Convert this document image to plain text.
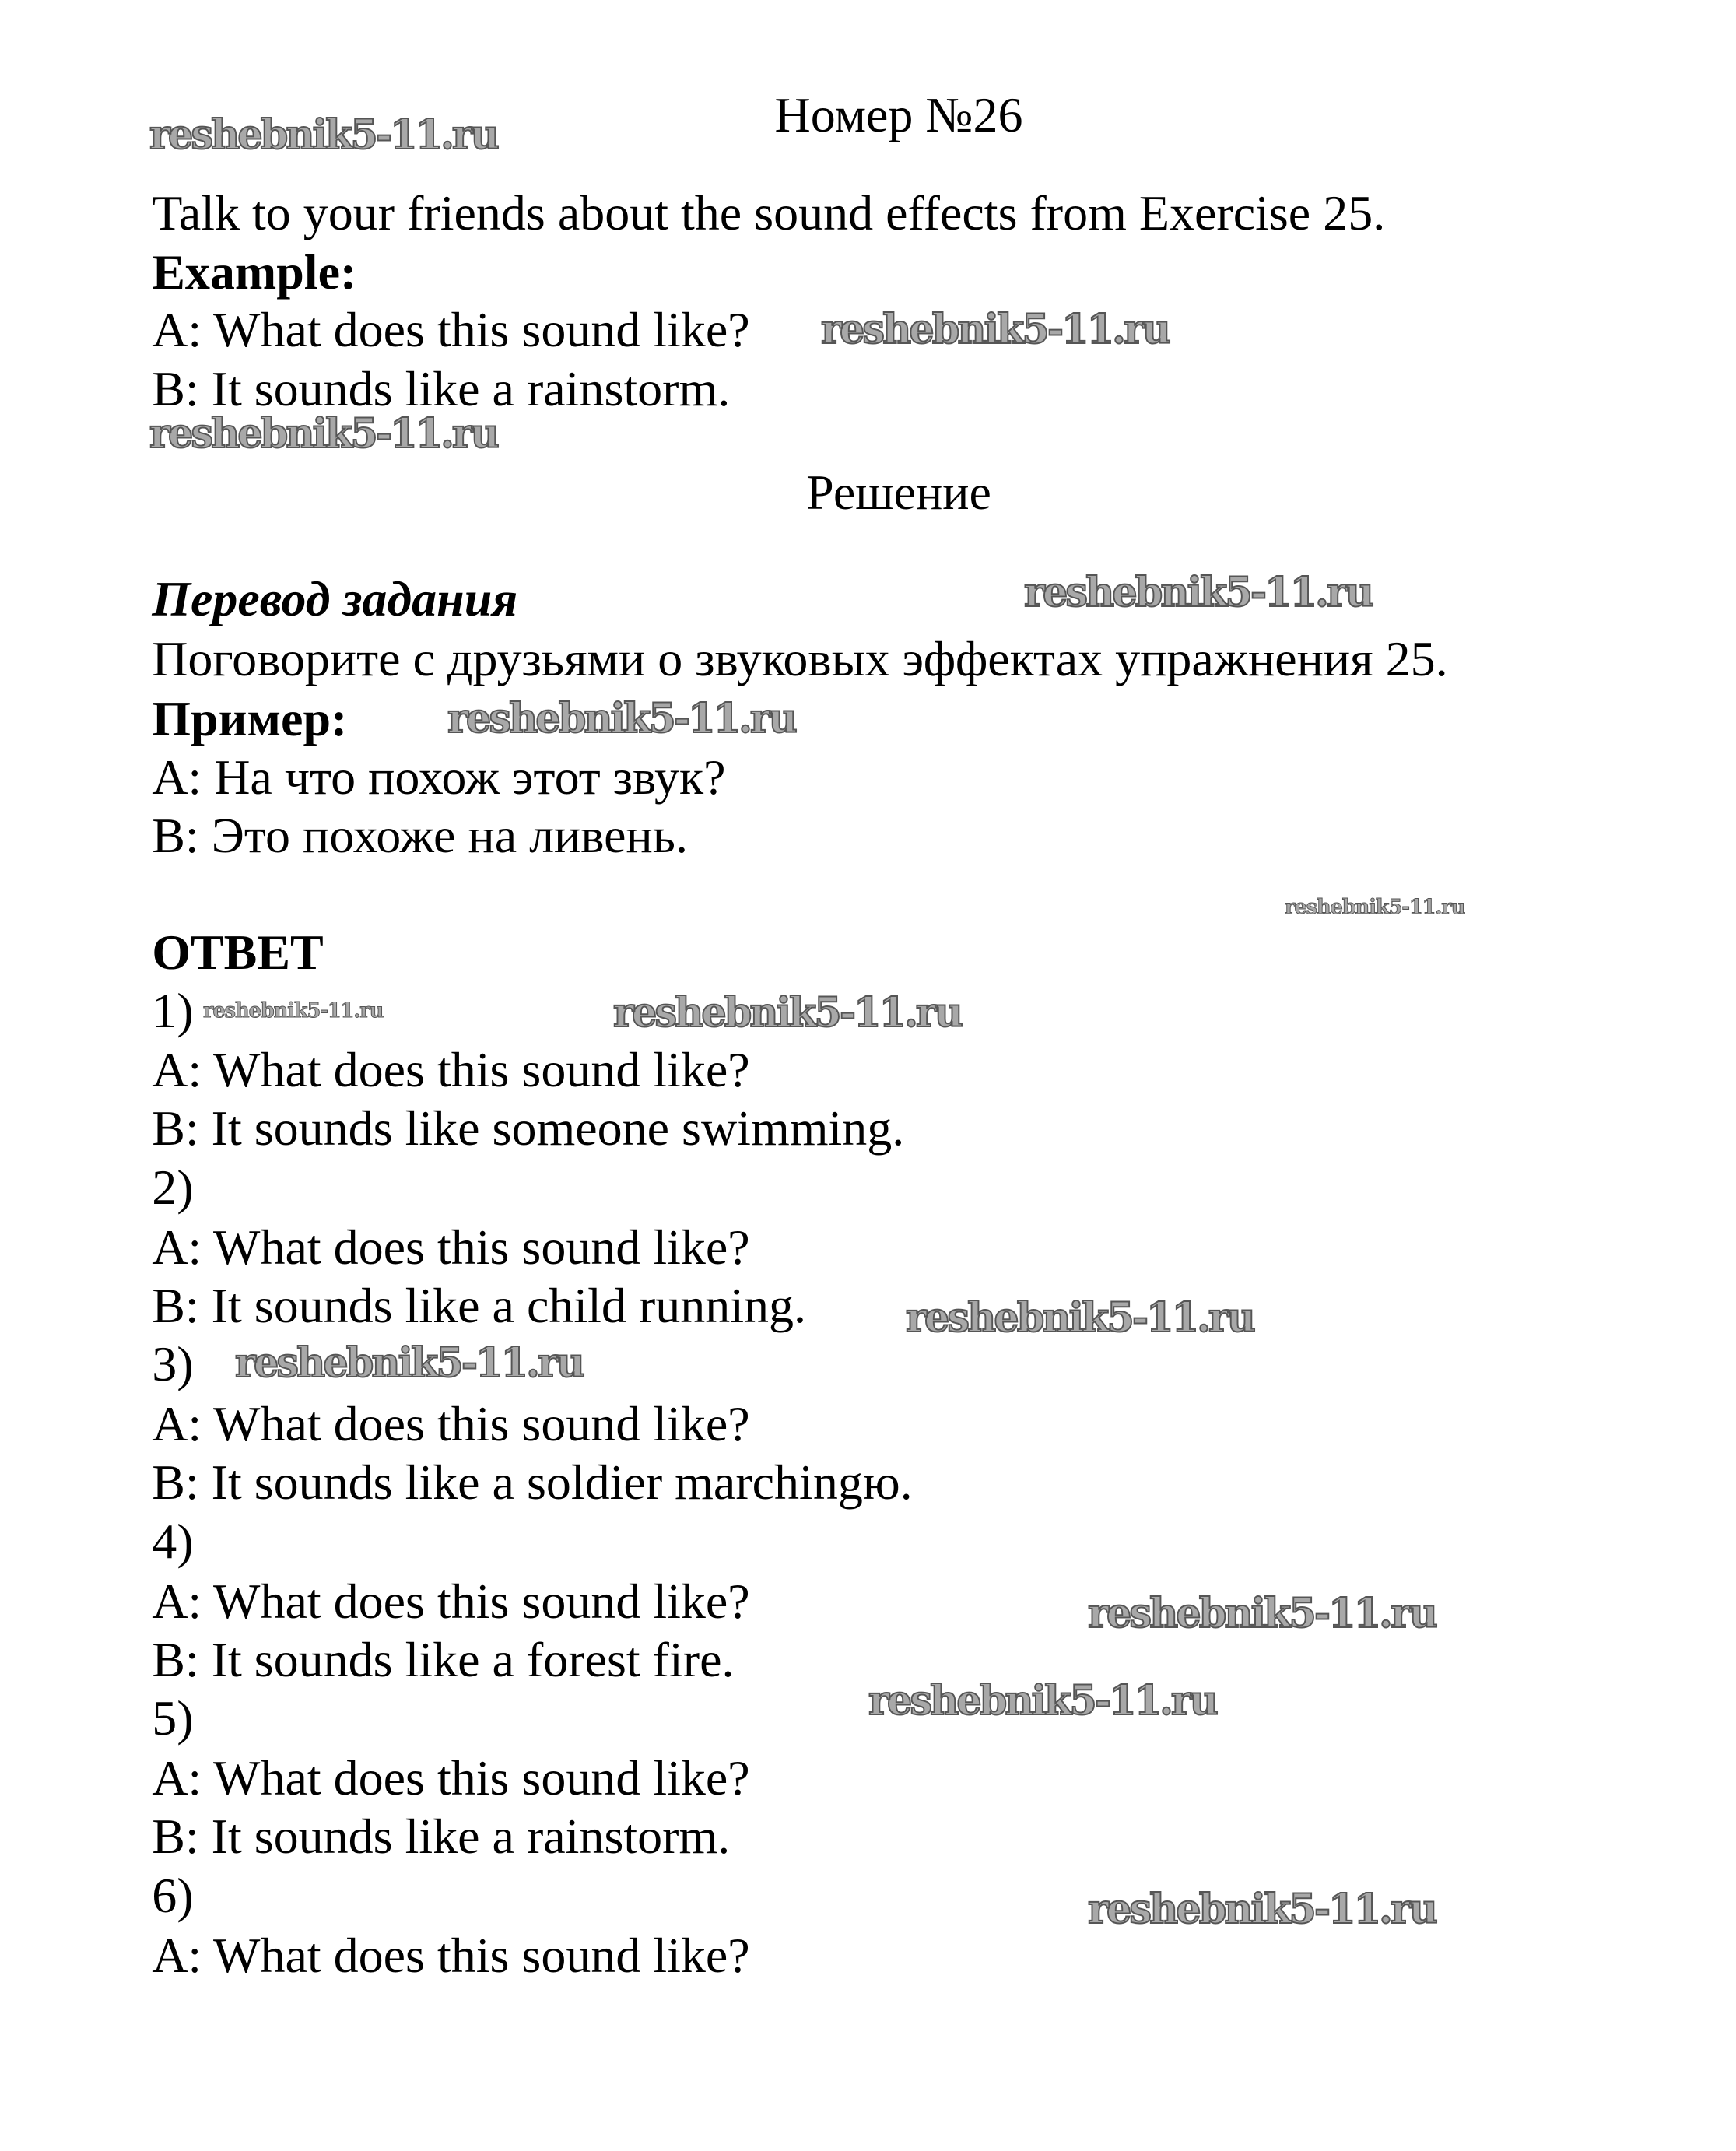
Номер №26
Talk to your friends about the sound effects from Exercise 25.
Example:
A: What does this sound like?
B: It sounds like a rainstorm.
Решение
Перевод задания
Поговорите с друзьями о звуковых эффектах упражнения 25.
Пример:
А: На что похож этот звук?
В: Это похоже на ливень.
ОТВЕТ
1)
A: What does this sound like?
B: It sounds like someone swimming.
2)
A: What does this sound like?
B: It sounds like a child running.
3)
A: What does this sound like?
B: It sounds like a soldier marchingю.
4)
A: What does this sound like?
B: It sounds like a forest fire.
5)
A: What does this sound like?
B: It sounds like a rainstorm.
6)
A: What does this sound like?
reshebnik5-11.ru
reshebnik5-11.ru
reshebnik5-11.ru
reshebnik5-11.ru
reshebnik5-11.ru
reshebnik5-11.ru
reshebnik5-11.ru	reshebnik5-11.ru
reshebnik5-11.ru
reshebnik5-11.ru
reshebnik5-11.ru
reshebnik5-11.ru
reshebnik5-11.ru
